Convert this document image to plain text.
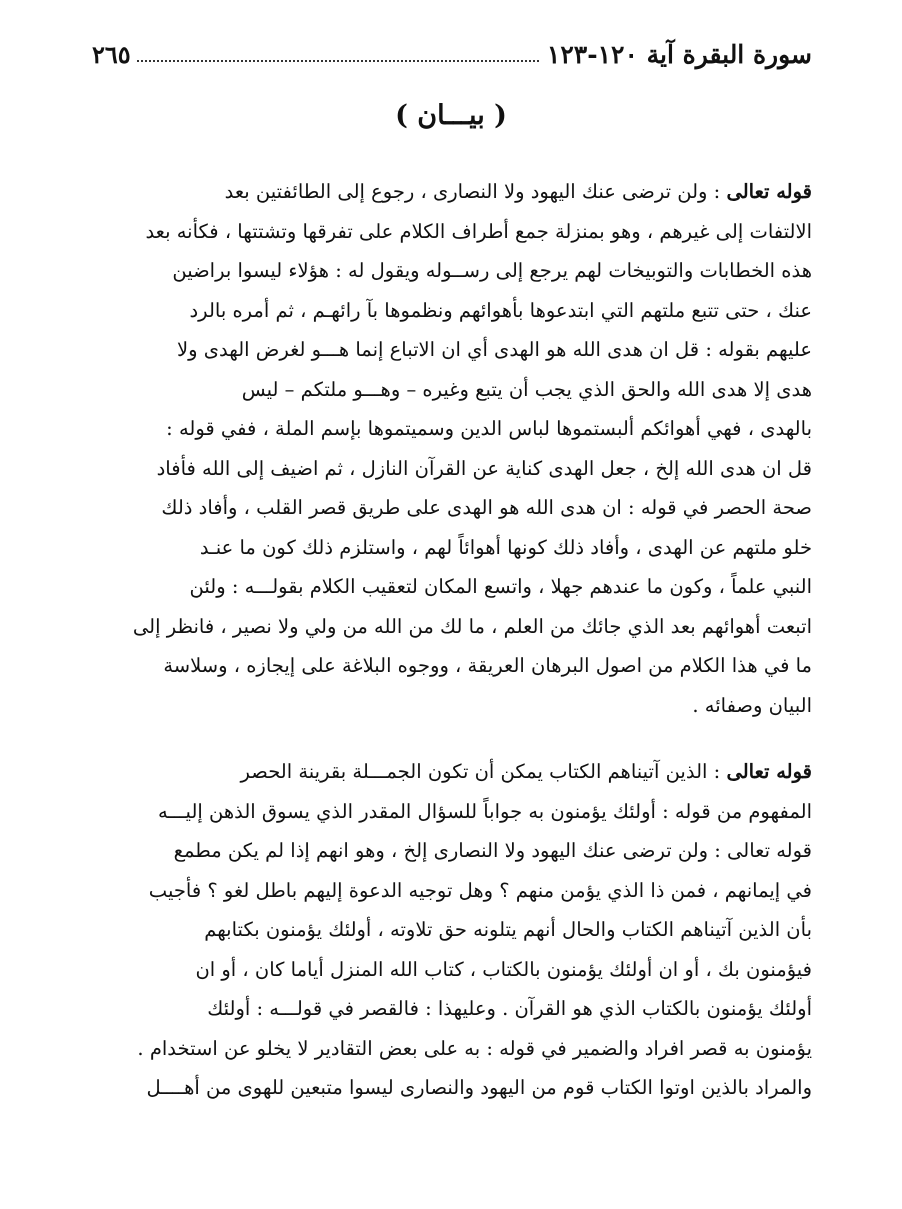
سورة البقرة آية ١٢٠-١٢٣
٢٦٥
( بيـــان )
قوله تعالى : ولن ترضى عنك اليهود ولا النصارى ، رجوع إلى الطائفتين بعد
الالتفات إلى غيرهم ، وهو بمنزلة جمع أطراف الكلام على تفرقها وتشتتها ، فكأنه بعد
هذه الخطابات والتوبيخات لهم يرجع إلى رســوله ويقول له : هؤلاء ليسوا براضين
عنك ، حتى تتبع ملتهم التي ابتدعوها بأهوائهم ونظموها بآ رائهـم ، ثم أمره بالرد
عليهم بقوله : قل ان هدى الله هو الهدى أي ان الاتباع إنما هـــو لغرض الهدى ولا
هدى إلا هدى الله والحق الذي يجب أن يتبع وغيره – وهـــو ملتكم – ليس
بالهدى ، فهي أهوائكم ألبستموها لباس الدين وسميتموها بإسم الملة ، ففي قوله :
قل ان هدى الله إلخ ، جعل الهدى كناية عن القرآن النازل ، ثم اضيف إلى الله فأفاد
صحة الحصر في قوله : ان هدى الله هو الهدى على طريق قصر القلب ، وأفاد ذلك
خلو ملتهم عن الهدى ، وأفاد ذلك كونها أهوائاً لهم ، واستلزم ذلك كون ما عنـد
النبي علماً ، وكون ما عندهم جهلا ، واتسع المكان لتعقيب الكلام بقولـــه : ولئن
اتبعت أهوائهم بعد الذي جائك من العلم ، ما لك من الله من ولي ولا نصير ، فانظر إلى
ما في هذا الكلام من اصول البرهان العريقة ، ووجوه البلاغة على إيجازه ، وسلاسة
البيان وصفائه .
قوله تعالى : الذين آتيناهم الكتاب يمكن أن تكون الجمـــلة بقرينة الحصر
المفهوم من قوله : أولئك يؤمنون به جواباً للسؤال المقدر الذي يسوق الذهن إليـــه
قوله تعالى : ولن ترضى عنك اليهود ولا النصارى إلخ ، وهو انهم إذا لم يكن مطمع
في إيمانهم ، فمن ذا الذي يؤمن منهم ؟ وهل توجيه الدعوة إليهم باطل لغو ؟ فأجيب
بأن الذين آتيناهم الكتاب والحال أنهم يتلونه حق تلاوته ، أولئك يؤمنون بكتابهم
فيؤمنون بك ، أو ان أولئك يؤمنون بالكتاب ، كتاب الله المنزل أياما كان ، أو ان
أولئك يؤمنون بالكتاب الذي هو القرآن . وعليهذا : فالقصر في قولـــه : أولئك
يؤمنون به قصر افراد والضمير في قوله : به على بعض التقادير لا يخلو عن استخدام .
والمراد بالذين اوتوا الكتاب قوم من اليهود والنصارى ليسوا متبعين للهوى من أهــــل
